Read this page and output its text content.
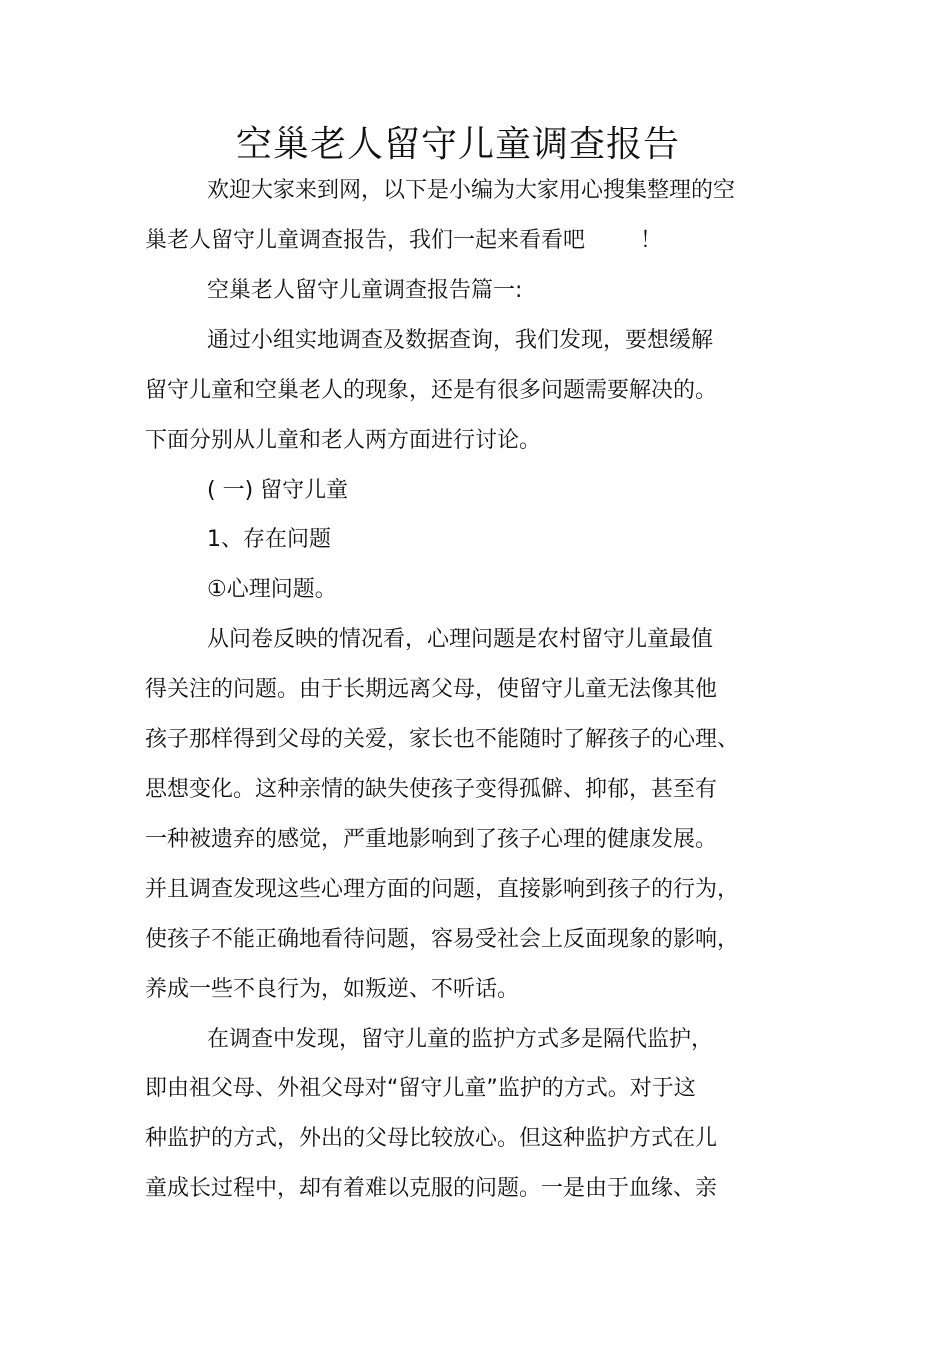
空巢老人留守儿童调查报告

欢迎大家来到网，以下是小编为大家用心搜集整理的空

巢老人留守儿童调查报告，我们一起来看看吧	！

空巢老人留守儿童调查报告篇一:

通过小组实地调查及数据查询，我们发现，要想缓解

留守儿童和空巢老人的现象，还是有很多问题需要解决的。

下面分别从儿童和老人两方面进行讨论。

( 一) 留守儿童

1、存在问题

①心理问题。

从问卷反映的情况看，心理问题是农村留守儿童最值

得关注的问题。由于长期远离父母，使留守儿童无法像其他

孩子那样得到父母的关爱，家长也不能随时了解孩子的心理、

思想变化。这种亲情的缺失使孩子变得孤僻、抑郁，甚至有

一种被遗弃的感觉，严重地影响到了孩子心理的健康发展。

并且调查发现这些心理方面的问题，直接影响到孩子的行为，

使孩子不能正确地看待问题，容易受社会上反面现象的影响，

养成一些不良行为，如叛逆、不听话。

在调查中发现，留守儿童的监护方式多是隔代监护，

即由祖父母、外祖父母对“留守儿童”监护的方式。对于这

种监护的方式，外出的父母比较放心。但这种监护方式在儿

童成长过程中，却有着难以克服的问题。一是由于血缘、亲
